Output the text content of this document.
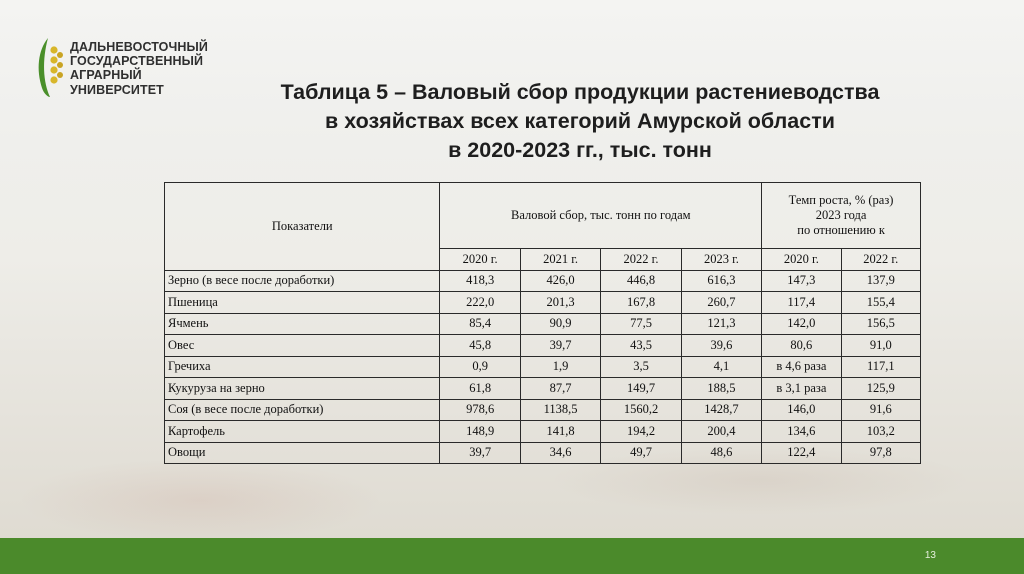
ДАЛЬНЕВОСТОЧНЫЙ
ГОСУДАРСТВЕННЫЙ
АГРАРНЫЙ
УНИВЕРСИТЕТ	Таблица 5 – Валовый сбор продукции растениеводства
в хозяйствах всех категорий Амурской области
в 2020-2023 гг., тыс. тонн
Показатели	Валовой сбор, тыс. тонн по годам				Темп роста, % (раз)
2023 года
по отношению к	

	2020 г.	2021 г.	2022 г.	2023 г.	2020 г.	2022 г.
Зерно (в весе после доработки)	418,3	426,0	446,8	616,3	147,3	137,9
Пшеница	222,0	201,3	167,8	260,7	117,4	155,4
Ячмень	85,4	90,9	77,5	121,3	142,0	156,5
Овес	45,8	39,7	43,5	39,6	80,6	91,0
Гречиха	0,9	1,9	3,5	4,1	в 4,6 раза	117,1
Кукуруза на зерно	61,8	87,7	149,7	188,5	в 3,1 раза	125,9
Соя (в весе после доработки)	978,6	1138,5	1560,2	1428,7	146,0	91,6
Картофель	148,9	141,8	194,2	200,4	134,6	103,2
Овощи	39,7	34,6	49,7	48,6	122,4	97,8
13
